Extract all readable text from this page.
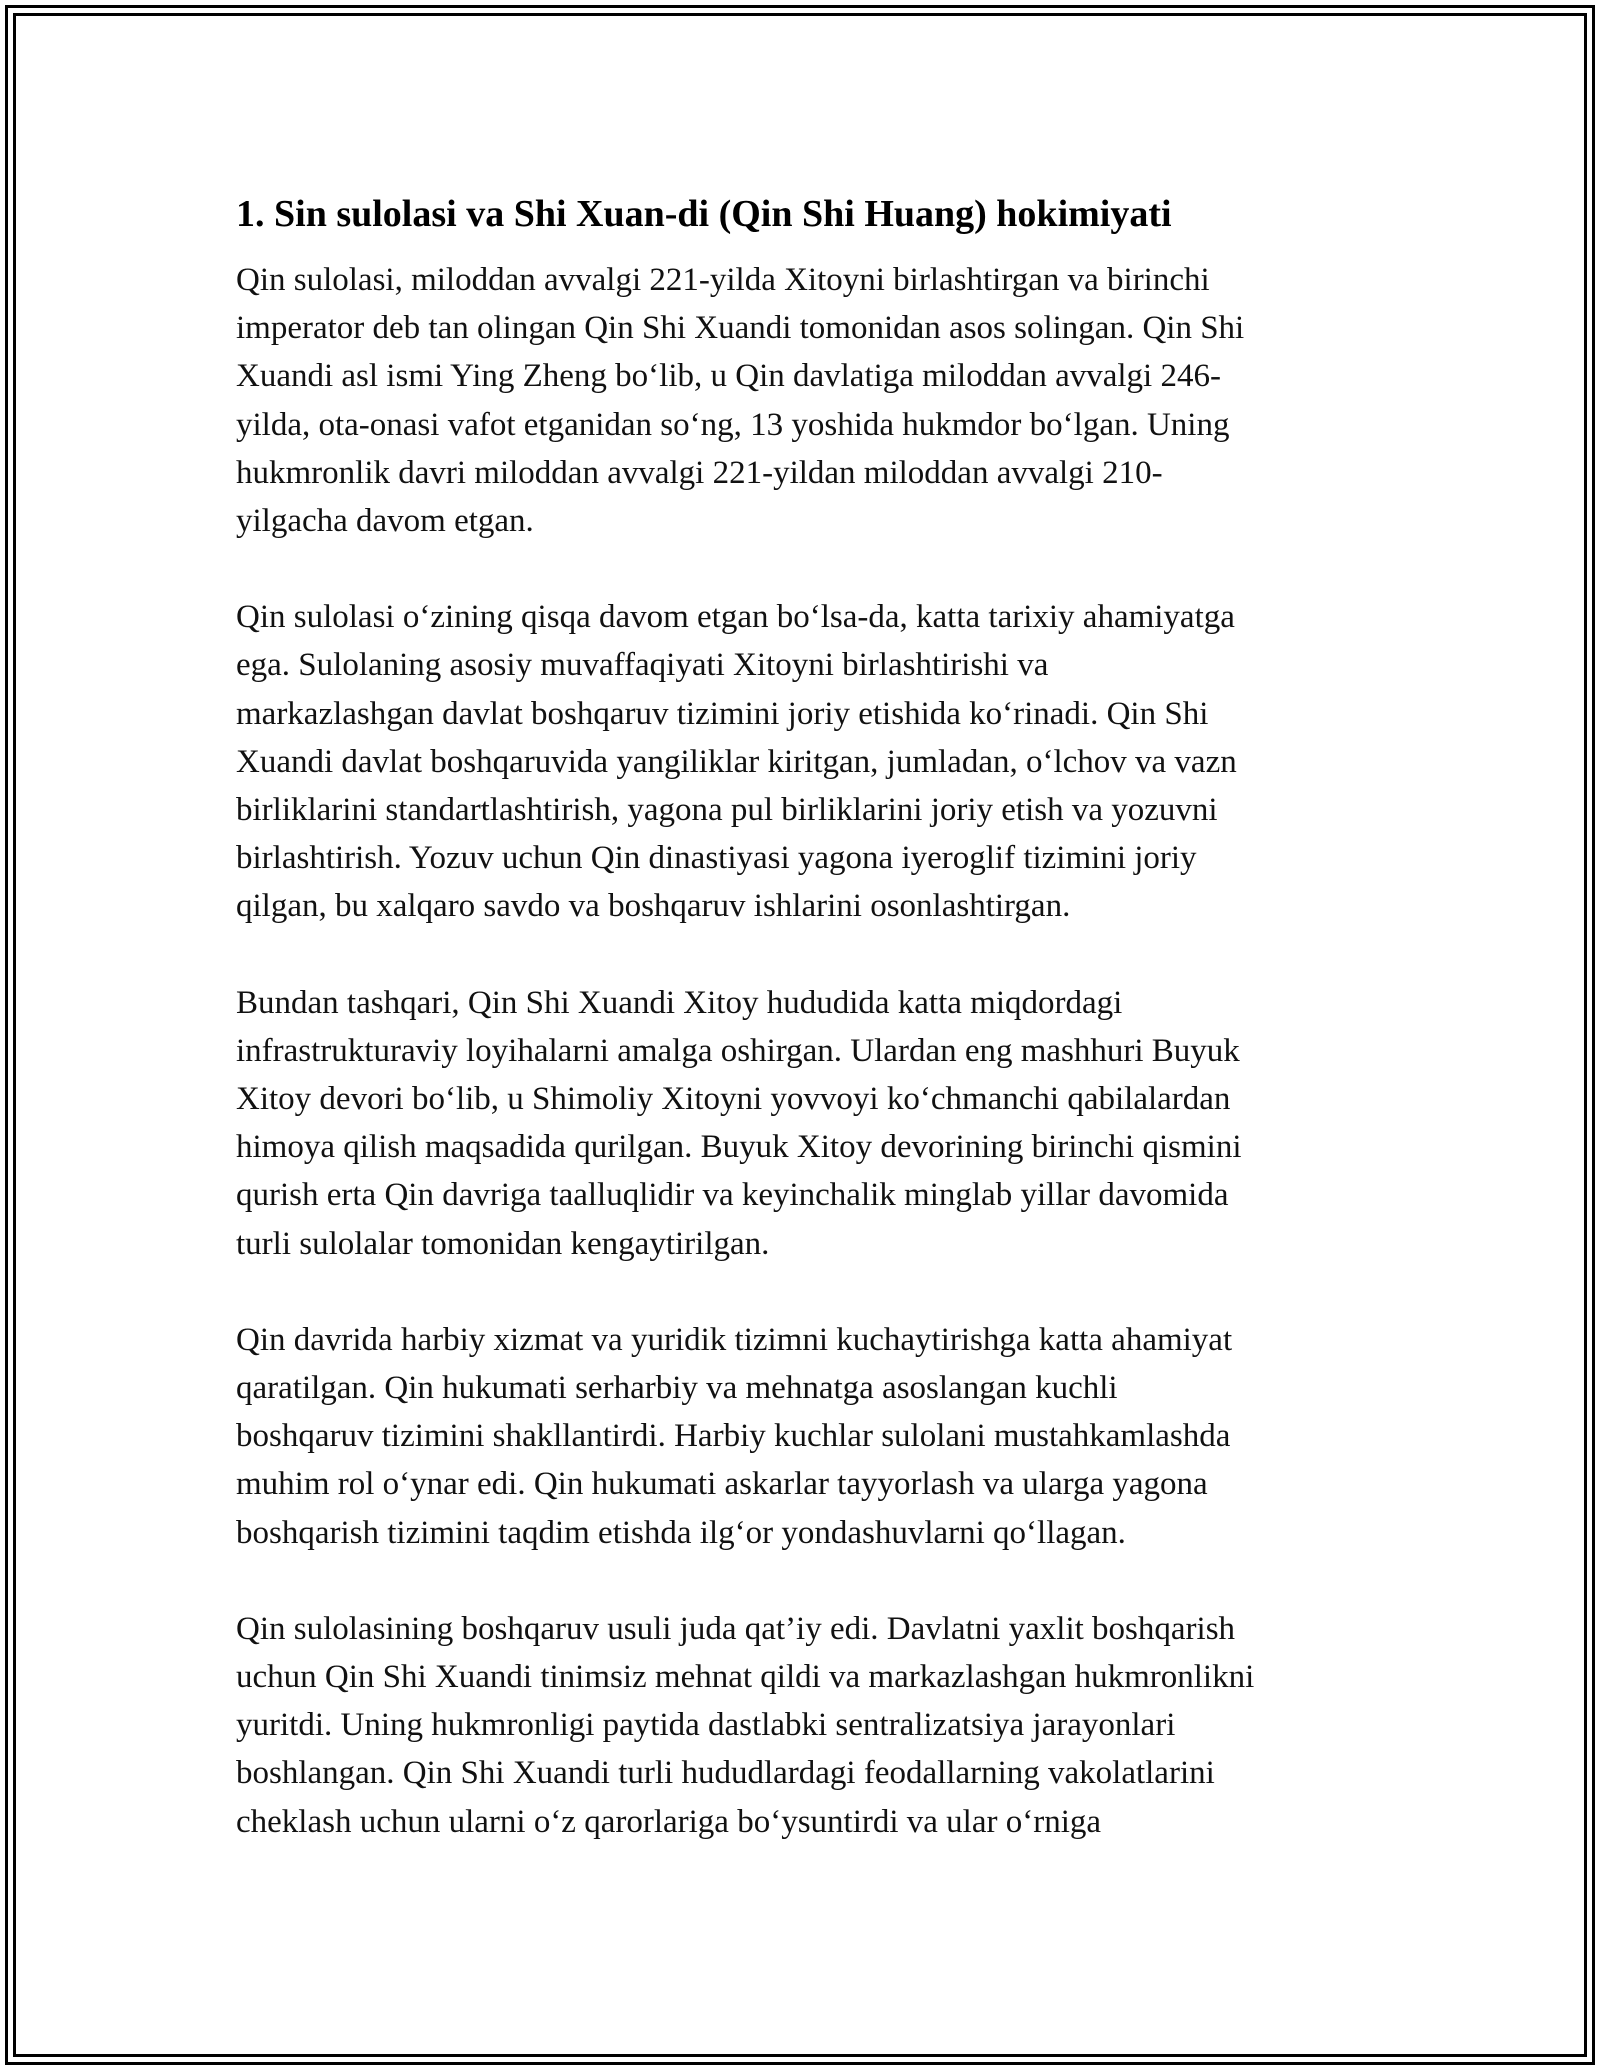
1. Sin sulolasi va Shi Xuan-di (Qin Shi Huang) hokimiyati

Qin sulolasi, miloddan avvalgi 221-yilda Xitoyni birlashtirgan va birinchi
imperator deb tan olingan Qin Shi Xuandi tomonidan asos solingan. Qin Shi
Xuandi asl ismi Ying Zheng bo‘lib, u Qin davlatiga miloddan avvalgi 246-
yilda, ota-onasi vafot etganidan so‘ng, 13 yoshida hukmdor bo‘lgan. Uning
hukmronlik davri miloddan avvalgi 221-yildan miloddan avvalgi 210-
yilgacha davom etgan.

Qin sulolasi o‘zining qisqa davom etgan bo‘lsa-da, katta tarixiy ahamiyatga
ega. Sulolaning asosiy muvaffaqiyati Xitoyni birlashtirishi va
markazlashgan davlat boshqaruv tizimini joriy etishida ko‘rinadi. Qin Shi
Xuandi davlat boshqaruvida yangiliklar kiritgan, jumladan, o‘lchov va vazn
birliklarini standartlashtirish, yagona pul birliklarini joriy etish va yozuvni
birlashtirish. Yozuv uchun Qin dinastiyasi yagona iyeroglif tizimini joriy
qilgan, bu xalqaro savdo va boshqaruv ishlarini osonlashtirgan.

Bundan tashqari, Qin Shi Xuandi Xitoy hududida katta miqdordagi
infrastrukturaviy loyihalarni amalga oshirgan. Ulardan eng mashhuri Buyuk
Xitoy devori bo‘lib, u Shimoliy Xitoyni yovvoyi ko‘chmanchi qabilalardan
himoya qilish maqsadida qurilgan. Buyuk Xitoy devorining birinchi qismini
qurish erta Qin davriga taalluqlidir va keyinchalik minglab yillar davomida
turli sulolalar tomonidan kengaytirilgan.

Qin davrida harbiy xizmat va yuridik tizimni kuchaytirishga katta ahamiyat
qaratilgan. Qin hukumati serharbiy va mehnatga asoslangan kuchli
boshqaruv tizimini shakllantirdi. Harbiy kuchlar sulolani mustahkamlashda
muhim rol o‘ynar edi. Qin hukumati askarlar tayyorlash va ularga yagona
boshqarish tizimini taqdim etishda ilg‘or yondashuvlarni qo‘llagan.

Qin sulolasining boshqaruv usuli juda qat’iy edi. Davlatni yaxlit boshqarish
uchun Qin Shi Xuandi tinimsiz mehnat qildi va markazlashgan hukmronlikni
yuritdi. Uning hukmronligi paytida dastlabki sentralizatsiya jarayonlari
boshlangan. Qin Shi Xuandi turli hududlardagi feodallarning vakolatlarini
cheklash uchun ularni o‘z qarorlariga bo‘ysuntirdi va ular o‘rniga
